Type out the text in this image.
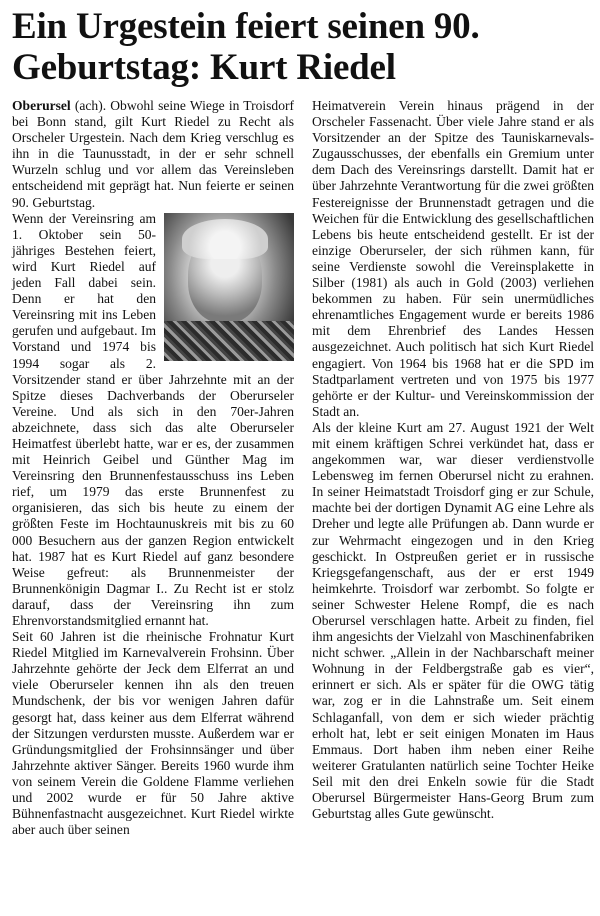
Ein Urgestein feiert seinen 90.
Geburtstag: Kurt Riedel

Oberursel (ach). Obwohl seine Wiege in Troisdorf bei Bonn stand, gilt Kurt Riedel zu Recht als Orscheler Urgestein. Nach dem Krieg verschlug es ihn in die Taunusstadt, in der er sehr schnell Wurzeln schlug und vor allem das Vereinsleben entscheidend mit geprägt hat. Nun feierte er seinen 90. Geburtstag.

Wenn der Vereinsring am 1. Oktober sein 50-jähriges Bestehen feiert, wird Kurt Riedel auf jeden Fall dabei sein. Denn er hat den Vereinsring mit ins Leben gerufen und aufgebaut. Im Vorstand und 1974 bis 1994 sogar als 2. Vorsitzender stand er über Jahrzehnte mit an der Spitze dieses Dachverbands der Oberurseler Vereine. Und als sich in den 70er-Jahren abzeichnete, dass sich das alte Oberurseler Heimatfest überlebt hatte, war er es, der zusammen mit Heinrich Geibel und Günther Mag im Vereinsring den Brunnenfestausschuss ins Leben rief, um 1979 das erste Brunnenfest zu organisieren, das sich bis heute zu einem der größten Feste im Hochtaunuskreis mit bis zu 60 000 Besuchern aus der ganzen Region entwickelt hat. 1987 hat es Kurt Riedel auf ganz besondere Weise gefreut: als Brunnenmeister der Brunnenkönigin Dagmar I.. Zu Recht ist er stolz darauf, dass der Vereinsring ihn zum Ehrenvorstandsmitglied ernannt hat.

Seit 60 Jahren ist die rheinische Frohnatur Kurt Riedel Mitglied im Karnevalverein Frohsinn. Über Jahrzehnte gehörte der Jeck dem Elferrat an und viele Oberurseler kennen ihn als den treuen Mundschenk, der bis vor wenigen Jahren dafür gesorgt hat, dass keiner aus dem Elferrat während der Sitzungen verdursten musste. Außerdem war er Gründungsmitglied der Frohsinnsänger und über Jahrzehnte aktiver Sänger. Bereits 1960 wurde ihm von seinem Verein die Goldene Flamme verliehen und 2002 wurde er für 50 Jahre aktive Bühnenfastnacht ausgezeichnet. Kurt Riedel wirkte aber auch über seinen

Heimatverein Verein hinaus prägend in der Orscheler Fassenacht. Über viele Jahre stand er als Vorsitzender an der Spitze des Tauniskarnevals-Zugausschusses, der ebenfalls ein Gremium unter dem Dach des Vereinsrings darstellt. Damit hat er über Jahrzehnte Verantwortung für die zwei größten Festereignisse der Brunnenstadt getragen und die Weichen für die Entwicklung des gesellschaftlichen Lebens bis heute entscheidend gestellt. Er ist der einzige Oberurseler, der sich rühmen kann, für seine Verdienste sowohl die Vereinsplakette in Silber (1981) als auch in Gold (2003) verliehen bekommen zu haben. Für sein unermüdliches ehrenamtliches Engagement wurde er bereits 1986 mit dem Ehrenbrief des Landes Hessen ausgezeichnet. Auch politisch hat sich Kurt Riedel engagiert. Von 1964 bis 1968 hat er die SPD im Stadtparlament vertreten und von 1975 bis 1977 gehörte er der Kultur- und Vereinskommission der Stadt an.

Als der kleine Kurt am 27. August 1921 der Welt mit einem kräftigen Schrei verkündet hat, dass er angekommen war, war dieser verdienstvolle Lebensweg im fernen Oberursel nicht zu erahnen. In seiner Heimatstadt Troisdorf ging er zur Schule, machte bei der dortigen Dynamit AG eine Lehre als Dreher und legte alle Prüfungen ab. Dann wurde er zur Wehrmacht eingezogen und in den Krieg geschickt. In Ostpreußen geriet er in russische Kriegsgefangenschaft, aus der er erst 1949 heimkehrte. Troisdorf war zerbombt. So folgte er seiner Schwester Helene Rompf, die es nach Oberursel verschlagen hatte. Arbeit zu finden, fiel ihm angesichts der Vielzahl von Maschinenfabriken nicht schwer. „Allein in der Nachbarschaft meiner Wohnung in der Feldbergstraße gab es vier“, erinnert er sich. Als er später für die OWG tätig war, zog er in die Lahnstraße um. Seit einem Schlaganfall, von dem er sich wieder prächtig erholt hat, lebt er seit einigen Monaten im Haus Emmaus. Dort haben ihm neben einer Reihe weiterer Gratulanten natürlich seine Tochter Heike Seil mit den drei Enkeln sowie für die Stadt Oberursel Bürgermeister Hans-Georg Brum zum Geburtstag alles Gute gewünscht.
